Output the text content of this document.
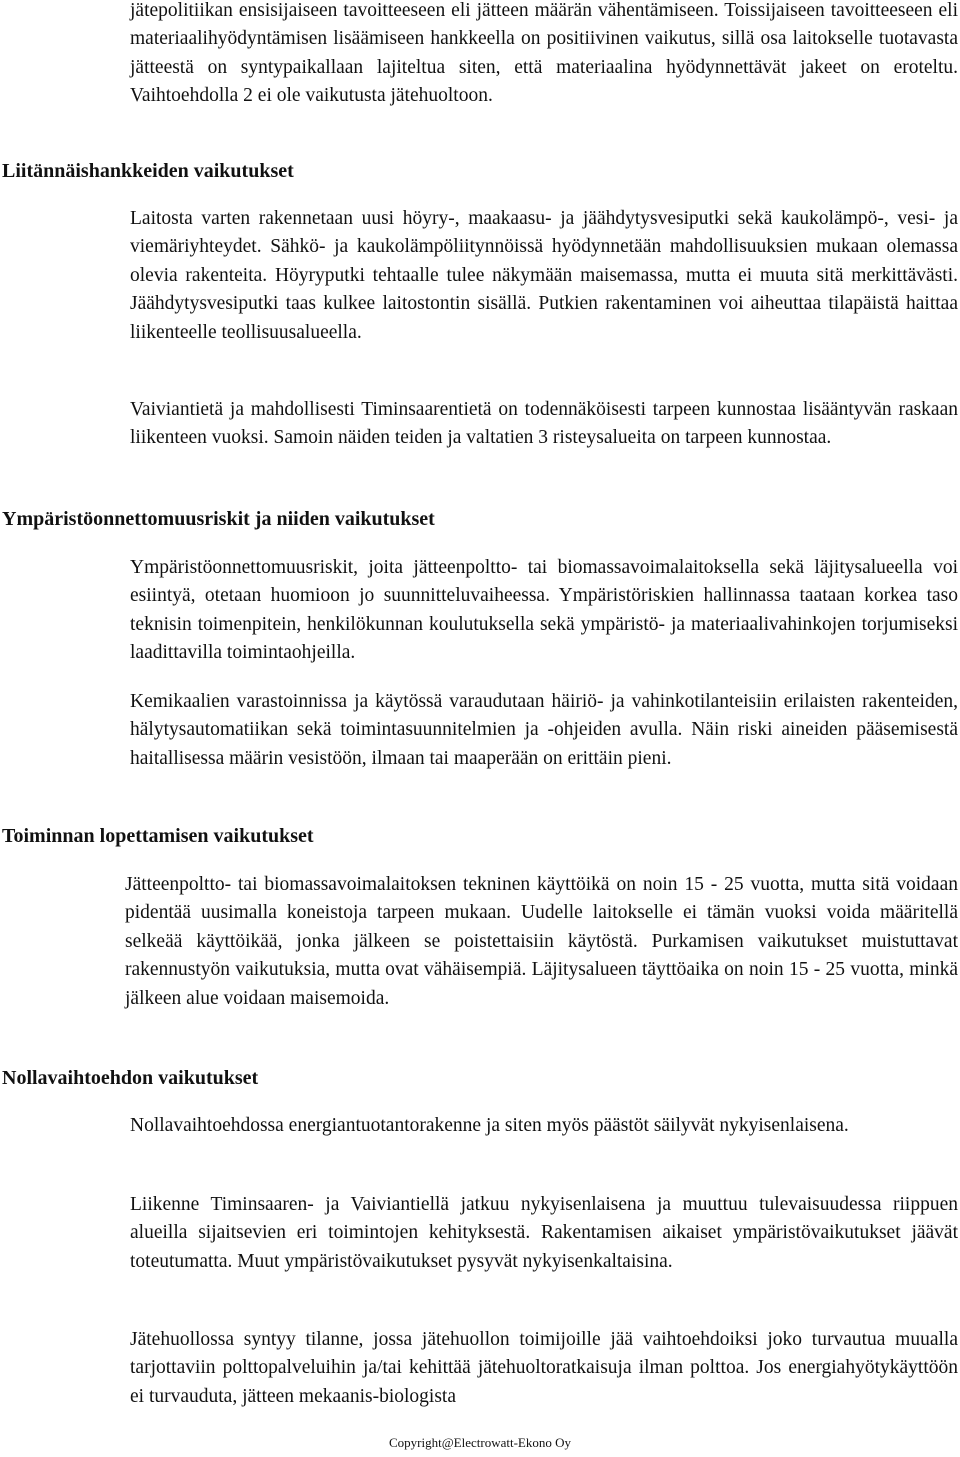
jätepolitiikan ensisijaiseen tavoitteeseen eli jätteen määrän vähentämiseen. Toissijaiseen tavoitteeseen eli materiaalihyödyntämisen lisäämiseen hankkeella on positiivinen vaikutus, sillä osa laitokselle tuotavasta jätteestä on syntypaikallaan lajiteltua siten, että materiaalina hyödynnettävät jakeet on eroteltu. Vaihtoehdolla 2 ei ole vaikutusta jätehuoltoon.

Liitännäishankkeiden vaikutukset

Laitosta varten rakennetaan uusi höyry-, maakaasu- ja jäähdytysvesiputki sekä kaukolämpö-, vesi- ja viemäriyhteydet. Sähkö- ja kaukolämpöliitynnöissä hyödynnetään mahdollisuuksien mukaan olemassa olevia rakenteita. Höyryputki tehtaalle tulee näkymään maisemassa, mutta ei muuta sitä merkittävästi. Jäähdytysvesiputki taas kulkee laitostontin sisällä. Putkien rakentaminen voi aiheuttaa tilapäistä haittaa liikenteelle teollisuusalueella.

Vaiviantietä ja mahdollisesti Timinsaarentietä on todennäköisesti tarpeen kunnostaa lisääntyvän raskaan liikenteen vuoksi. Samoin näiden teiden ja valtatien 3 risteysalueita on tarpeen kunnostaa.

Ympäristöonnettomuusriskit ja niiden vaikutukset

Ympäristöonnettomuusriskit, joita jätteenpoltto- tai biomassavoimalaitoksella sekä läjitysalueella voi esiintyä, otetaan huomioon jo suunnitteluvaiheessa. Ympäristöriskien hallinnassa taataan korkea taso teknisin toimenpitein, henkilökunnan koulutuksella sekä ympäristö- ja materiaalivahinkojen torjumiseksi laadittavilla toimintaohjeilla.

Kemikaalien varastoinnissa ja käytössä varaudutaan häiriö- ja vahinkotilanteisiin erilaisten rakenteiden, hälytysautomatiikan sekä toimintasuunnitelmien ja -ohjeiden avulla. Näin riski aineiden pääsemisestä haitallisessa määrin vesistöön, ilmaan tai maaperään on erittäin pieni.

Toiminnan lopettamisen vaikutukset

Jätteenpoltto- tai biomassavoimalaitoksen tekninen käyttöikä on noin 15 - 25 vuotta, mutta sitä voidaan pidentää uusimalla koneistoja tarpeen mukaan. Uudelle laitokselle ei tämän vuoksi voida määritellä selkeää käyttöikää, jonka jälkeen se poistettaisiin käytöstä. Purkamisen vaikutukset muistuttavat rakennustyön vaikutuksia, mutta ovat vähäisempiä. Läjitysalueen täyttöaika on noin 15 - 25 vuotta, minkä jälkeen alue voidaan maisemoida.

Nollavaihtoehdon vaikutukset

Nollavaihtoehdossa energiantuotantorakenne ja siten myös päästöt säilyvät nykyisenlaisena.

Liikenne Timinsaaren- ja Vaiviantiellä jatkuu nykyisenlaisena ja muuttuu tulevaisuudessa riippuen alueilla sijaitsevien eri toimintojen kehityksestä. Rakentamisen aikaiset ympäristövaikutukset jäävät toteutumatta. Muut ympäristövaikutukset pysyvät nykyisenkaltaisina.

Jätehuollossa syntyy tilanne, jossa jätehuollon toimijoille jää vaihtoehdoiksi joko turvautua muualla tarjottaviin polttopalveluihin ja/tai kehittää jätehuoltoratkaisuja ilman polttoa. Jos energiahyötykäyttöön ei turvauduta, jätteen mekaanis-biologista

Copyright@Electrowatt-Ekono Oy
